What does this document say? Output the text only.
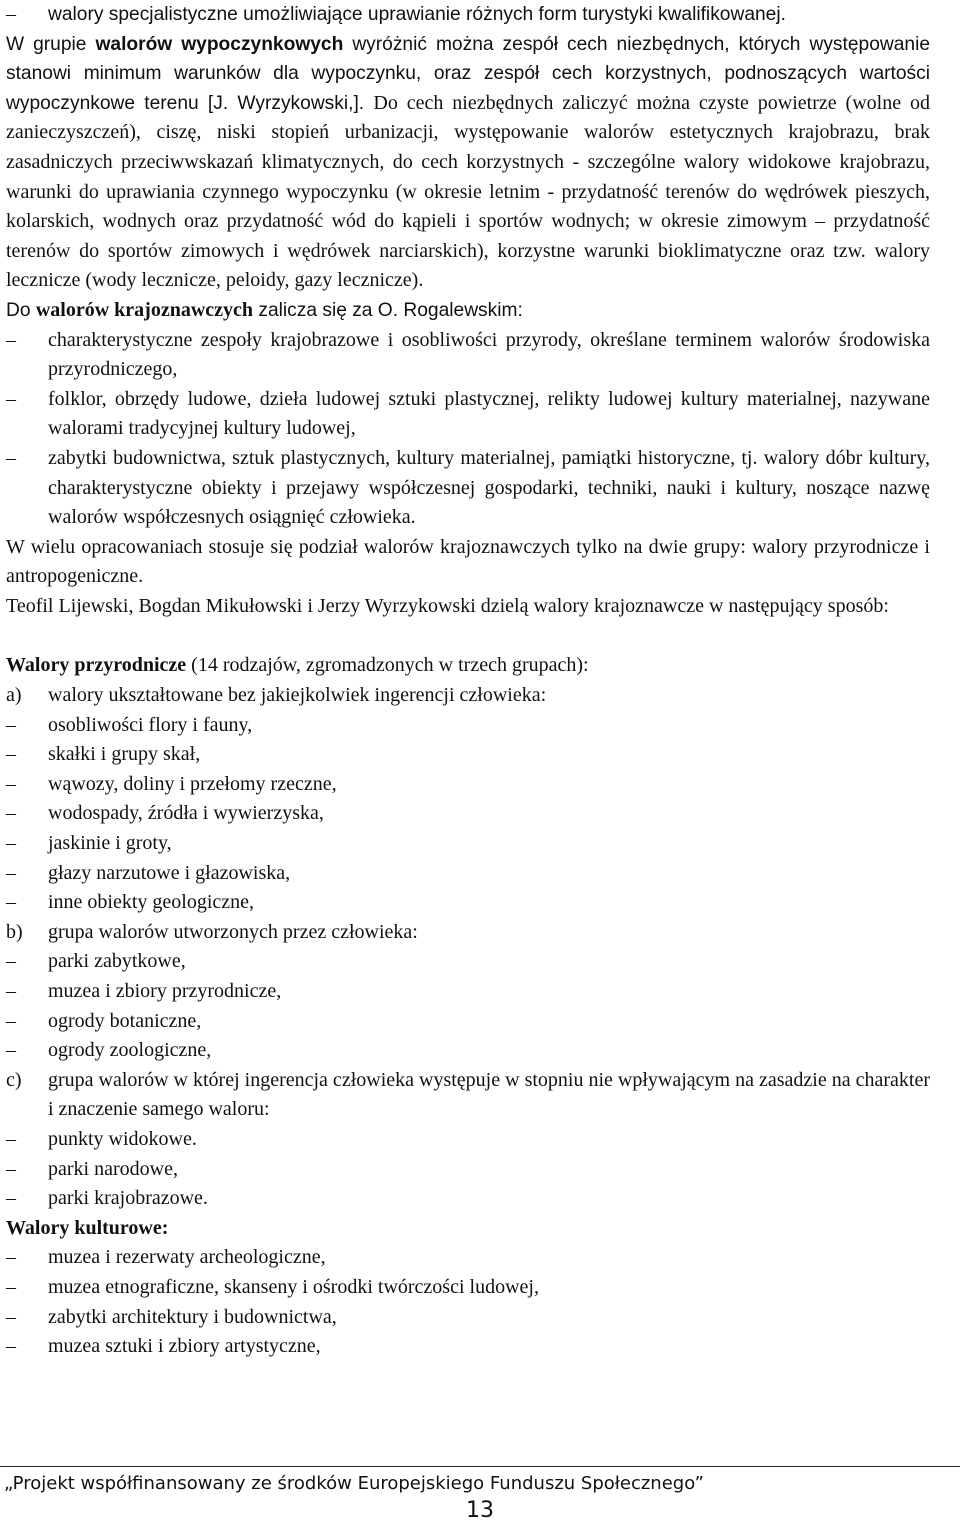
–	walory specjalistyczne umożliwiające uprawianie różnych form turystyki kwalifikowanej.

W grupie walorów wypoczynkowych wyróżnić można zespół cech niezbędnych, których występowanie stanowi minimum warunków dla wypoczynku, oraz zespół cech korzystnych, podnoszących wartości wypoczynkowe terenu [J. Wyrzykowski,]. Do cech niezbędnych zaliczyć można czyste powietrze (wolne od zanieczyszczeń), ciszę, niski stopień urbanizacji, występowanie walorów estetycznych krajobrazu, brak zasadniczych przeciwwskazań klimatycznych, do cech korzystnych - szczególne walory widokowe krajobrazu, warunki do uprawiania czynnego wypoczynku (w okresie letnim - przydatność terenów do wędrówek pieszych, kolarskich, wodnych oraz przydatność wód do kąpieli i sportów wodnych; w okresie zimowym – przydatność terenów do sportów zimowych i wędrówek narciarskich), korzystne warunki bioklimatyczne oraz tzw. walory lecznicze (wody lecznicze, peloidy, gazy lecznicze).

Do walorów krajoznawczych zalicza się za O. Rogalewskim:

–	charakterystyczne zespoły krajobrazowe i osobliwości przyrody, określane terminem walorów środowiska przyrodniczego,
–	folklor, obrzędy ludowe, dzieła ludowej sztuki plastycznej, relikty ludowej kultury materialnej, nazywane walorami tradycyjnej kultury ludowej,
–	zabytki budownictwa, sztuk plastycznych, kultury materialnej, pamiątki historyczne, tj. walory dóbr kultury, charakterystyczne obiekty i przejawy współczesnej gospodarki, techniki, nauki i kultury, noszące nazwę walorów współczesnych osiągnięć człowieka.

W wielu opracowaniach stosuje się podział walorów krajoznawczych tylko na dwie grupy: walory przyrodnicze i antropogeniczne.

Teofil Lijewski, Bogdan Mikułowski i Jerzy Wyrzykowski dzielą walory krajoznawcze w następujący sposób:

Walory przyrodnicze (14 rodzajów, zgromadzonych w trzech grupach):

a)	walory ukształtowane bez jakiejkolwiek ingerencji człowieka:
–	osobliwości flory i fauny,
–	skałki i grupy skał,
–	wąwozy, doliny i przełomy rzeczne,
–	wodospady, źródła i wywierzyska,
–	jaskinie i groty,
–	głazy narzutowe i głazowiska,
–	inne obiekty geologiczne,
b)	grupa walorów utworzonych przez człowieka:
–	parki zabytkowe,
–	muzea i zbiory przyrodnicze,
–	ogrody botaniczne,
–	ogrody zoologiczne,
c)	grupa walorów w której ingerencja człowieka występuje w stopniu nie wpływającym na zasadzie na charakter i znaczenie samego waloru:
–	punkty widokowe.
–	parki narodowe,
–	parki krajobrazowe.

Walory kulturowe:

–	muzea i rezerwaty archeologiczne,
–	muzea etnograficzne, skanseny i ośrodki twórczości ludowej,
–	zabytki architektury i budownictwa,
–	muzea sztuki i zbiory artystyczne,
„Projekt współfinansowany ze środków Europejskiego Funduszu Społecznego”
13
